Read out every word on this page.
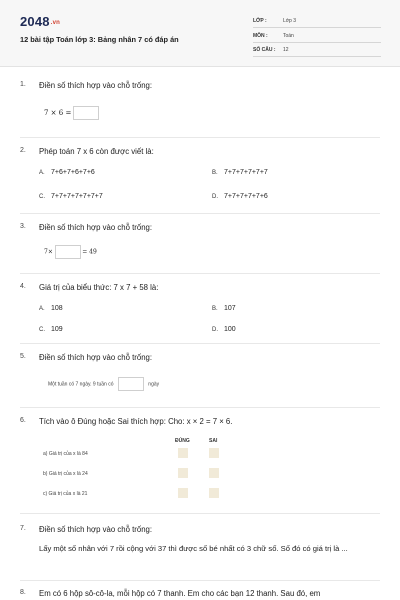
2048.vn
12 bài tập Toán lớp 3: Bảng nhân 7 có đáp án
LỚP :	Lớp 3
MÔN :	Toán
SỐ CÂU : 12
1. Điền số thích hợp vào chỗ trống:
7 × 6 =
2. Phép toán 7 x 6 còn được viết là:
A. 7+6+7+6+7+6	B. 7+7+7+7+7+7
C. 7+7+7+7+7+7+7	D. 7+7+7+7+7+6
3. Điền số thích hợp vào chỗ trống:
7×	= 49
4. Giá trị của biểu thức: 7 x 7 + 58 là:
A. 108	B. 107
C. 109	D. 100
5. Điền số thích hợp vào chỗ trống:
Một tuần có 7 ngày. 9 tuần có	ngày
6. Tích vào ô Đúng hoặc Sai thích hợp: Cho: x × 2 = 7 × 6.
ĐÚNG	SAI
a) Giá trị của x là 84
b) Giá trị của x là 24
c) Giá trị của x là 21
7. Điền số thích hợp vào chỗ trống:
Lấy một số nhân với 7 rồi cộng với 37 thì được số bé nhất có 3 chữ số. Số đó có giá trị là ...
8. Em có 6 hộp sô-cô-la, mỗi hộp có 7 thanh. Em cho các bạn 12 thanh. Sau đó, em
